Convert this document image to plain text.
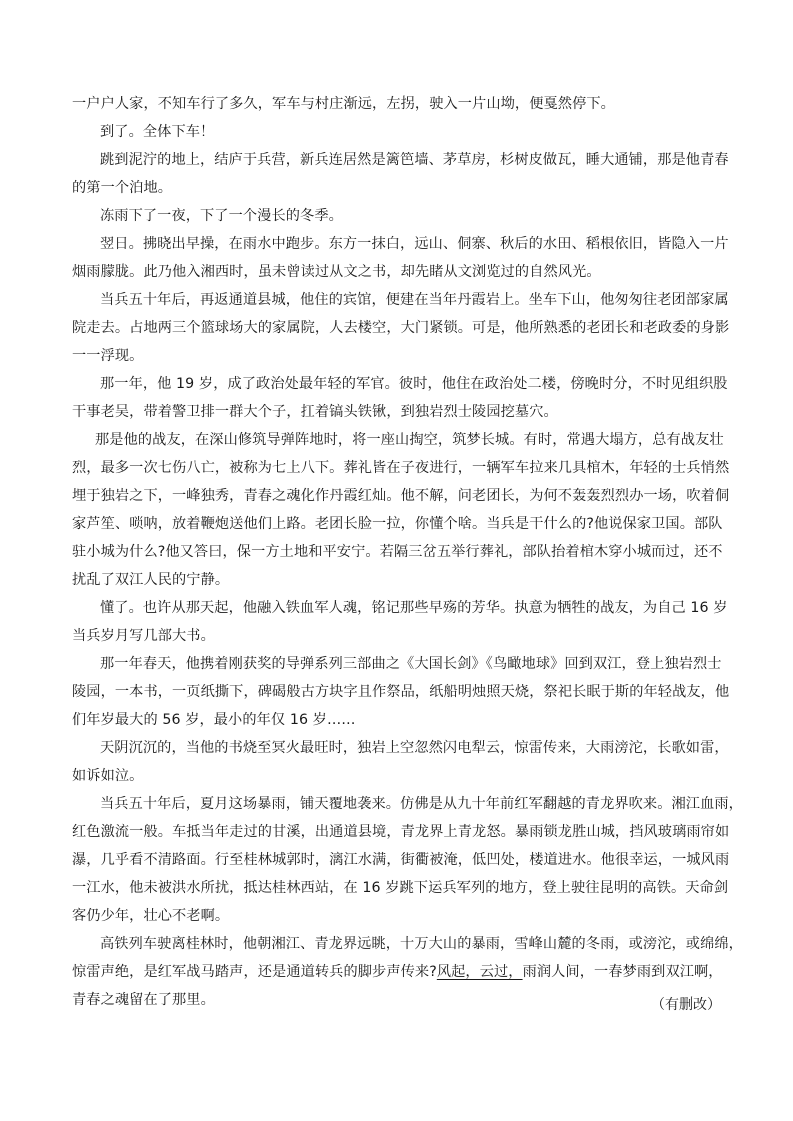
一户户人家，不知车行了多久，军车与村庄渐远，左拐，驶入一片山坳，便戛然停下。
到了。全体下车！
跳到泥泞的地上，结庐于兵营，新兵连居然是篱笆墙、茅草房，杉树皮做瓦，睡大通铺，那是他青春
的第一个泊地。
冻雨下了一夜，下了一个漫长的冬季。
翌日。拂晓出早操，在雨水中跑步。东方一抹白，远山、侗寨、秋后的水田、稻根依旧，皆隐入一片
烟雨朦胧。此乃他入湘西时，虽未曾读过从文之书，却先睹从文浏览过的自然风光。
当兵五十年后，再返通道县城，他住的宾馆，便建在当年丹霞岩上。坐车下山，他匆匆往老团部家属
院走去。占地两三个篮球场大的家属院，人去楼空，大门紧锁。可是，他所熟悉的老团长和老政委的身影
一一浮现。
那一年，他 19 岁，成了政治处最年轻的军官。彼时，他住在政治处二楼，傍晚时分，不时见组织股
干事老吴，带着警卫排一群大个子，扛着镐头铁锹，到独岩烈士陵园挖墓穴。
那是他的战友，在深山修筑导弹阵地时，将一座山掏空，筑梦长城。有时，常遇大塌方，总有战友壮
烈，最多一次七伤八亡，被称为七上八下。葬礼皆在子夜进行，一辆军车拉来几具棺木，年轻的士兵悄然
埋于独岩之下，一峰独秀，青春之魂化作丹霞红灿。他不解，问老团长，为何不轰轰烈烈办一场，吹着侗
家芦笙、唢呐，放着鞭炮送他们上路。老团长脸一拉，你懂个啥。当兵是干什么的?他说保家卫国。部队
驻小城为什么?他又答曰，保一方土地和平安宁。若隔三岔五举行葬礼，部队抬着棺木穿小城而过，还不
扰乱了双江人民的宁静。
懂了。也许从那天起，他融入铁血军人魂，铭记那些早殇的芳华。执意为牺牲的战友，为自己 16 岁
当兵岁月写几部大书。
那一年春天，他携着刚获奖的导弹系列三部曲之《大国长剑》《鸟瞰地球》回到双江，登上独岩烈士
陵园，一本书，一页纸撕下，碑碣般古方块字且作祭品，纸船明烛照天烧，祭祀长眠于斯的年轻战友，他
们年岁最大的 56 岁，最小的年仅 16 岁……
天阴沉沉的，当他的书烧至冥火最旺时，独岩上空忽然闪电犁云，惊雷传来，大雨滂沱，长歌如雷，
如诉如泣。
当兵五十年后，夏月这场暴雨，铺天覆地袭来。仿佛是从九十年前红军翻越的青龙界吹来。湘江血雨，
红色激流一般。车抵当年走过的甘溪，出通道县境，青龙界上青龙怒。暴雨锁龙胜山城，挡风玻璃雨帘如
瀑，几乎看不清路面。行至桂林城郭时，漓江水满，街衢被淹，低凹处，楼道进水。他很幸运，一城风雨
一江水，他未被洪水所扰，抵达桂林西站，在 16 岁跳下运兵军列的地方，登上驶往昆明的高铁。天命剑
客仍少年，壮心不老啊。
高铁列车驶离桂林时，他朝湘江、青龙界远眺，十万大山的暴雨，雪峰山麓的冬雨，或滂沱，或绵绵，
惊雷声绝，是红军战马踏声，还是通道转兵的脚步声传来?风起，云过，雨润人间，一春梦雨到双江啊，
青春之魂留在了那里。	（有删改）
